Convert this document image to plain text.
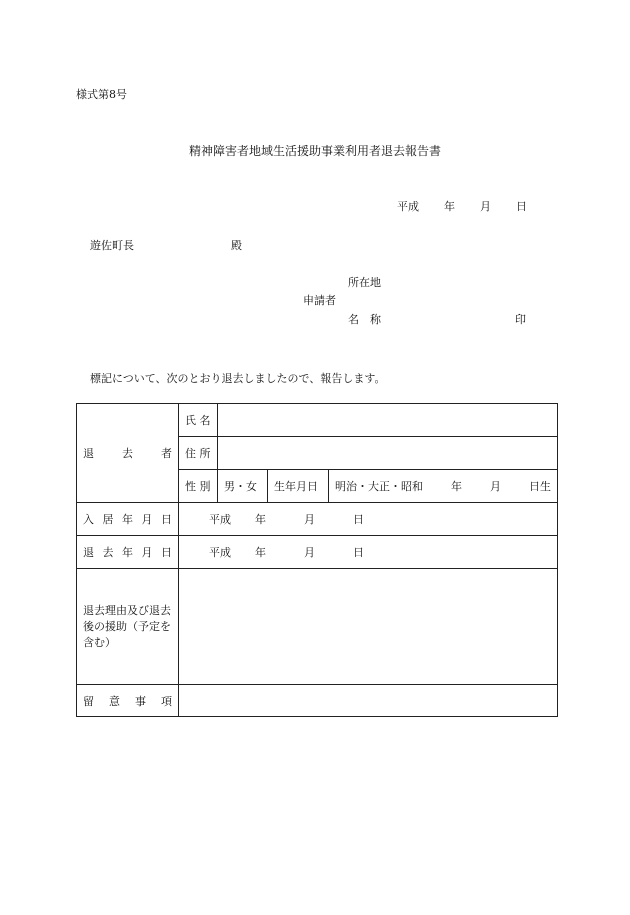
様式第8号
精神障害者地域生活援助事業利用者退去報告書
平成 年 月 日
遊佐町長	殿
所在地
申請者
名　称	印
標記について、次のとおり退去しましたので、報告します。
退 去 者	氏 名			
	住 所			
	性 別	男・女	生年月日	明治・大正・昭和 年 月 日生

入 居 年 月 日	平成 年 月 日			

退 去 年 月 日	平成 年 月 日			
退去理由及び退去後の援助（予定を含む）				

留 意 事 項				
